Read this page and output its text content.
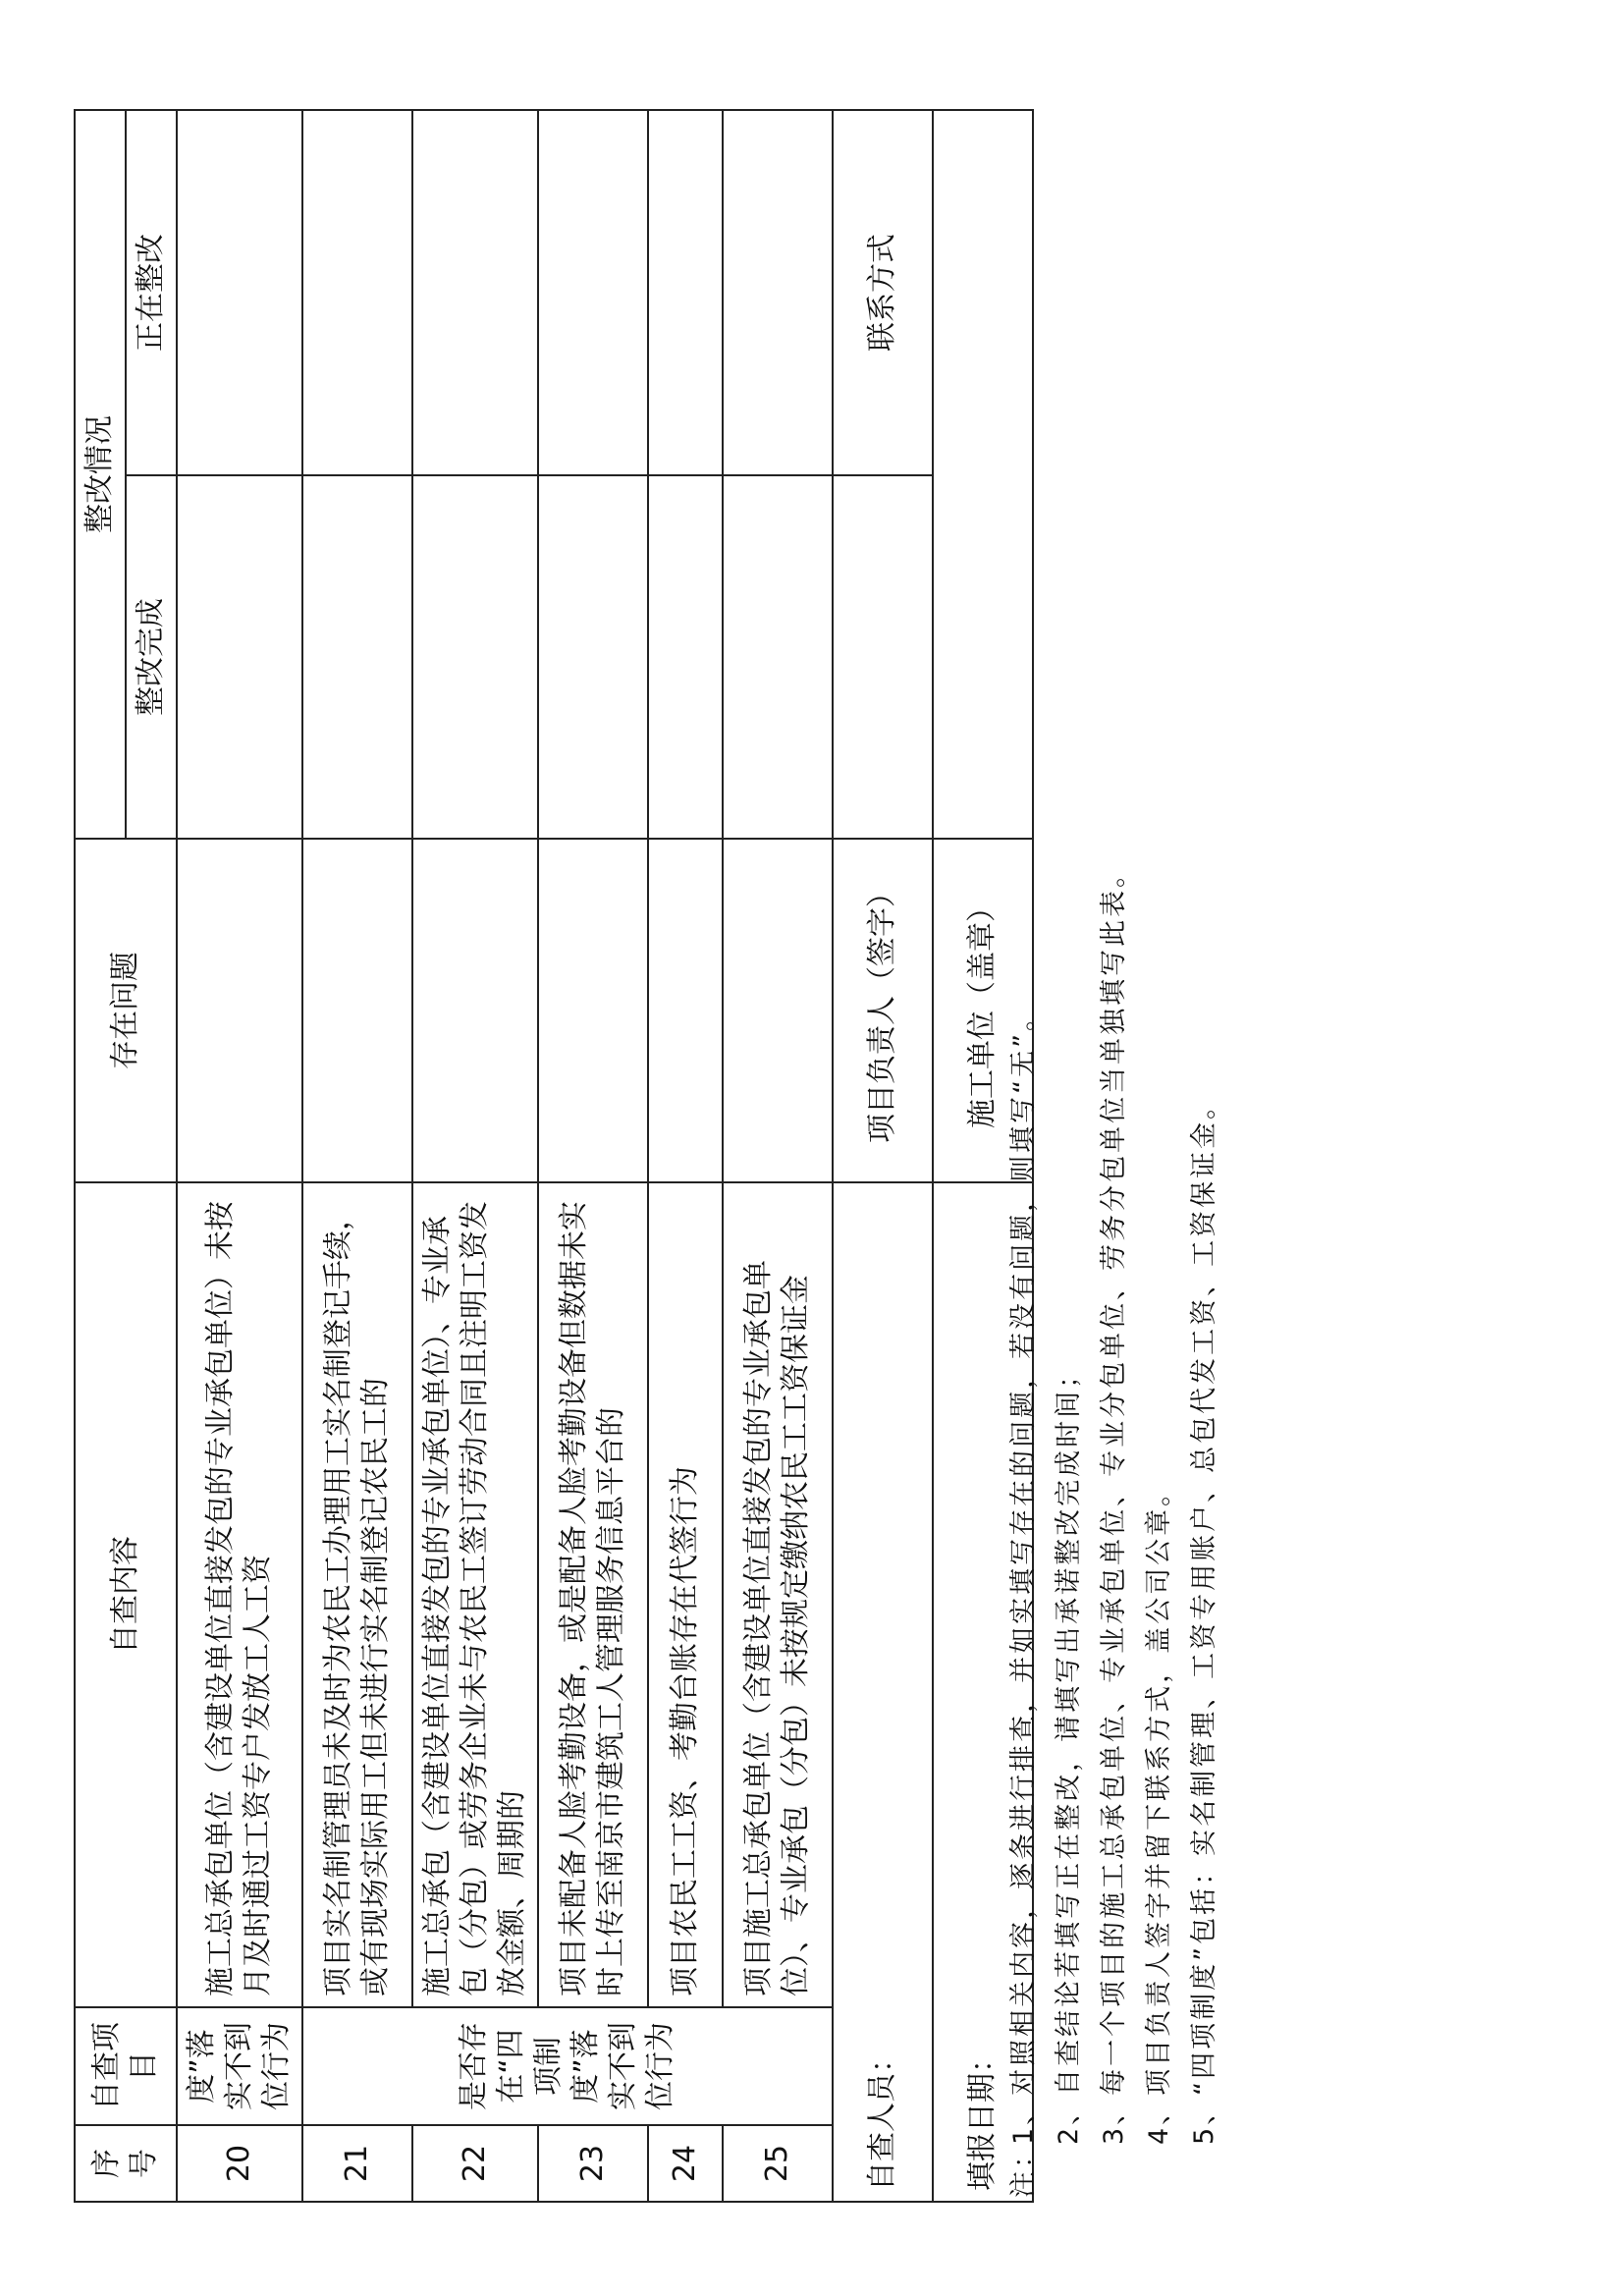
序号	自查项目	自查内容	存在问题	整改情况	
				整改完成	正在整改
20	度”落实不到位行为	施工总承包单位（含建设单位直接发包的专业承包单位）未按月及时通过工资专户发放工人工资			
21	是否存在“四项制度”落实不到位行为	项目实名制管理员未及时为农民工办理用工实名制登记手续，或有现场实际用工但未进行实名制登记农民工的			
22		施工总承包（含建设单位直接发包的专业承包单位）、专业承包（分包）或劳务企业未与农民工签订劳动合同且注明工资发放金额、周期的			
23		项目未配备人脸考勤设备，或是配备人脸考勤设备但数据未实时上传至南京市建筑工人管理服务信息平台的			
24		项目农民工工资、考勤台账存在代签行为			
25		项目施工总承包单位（含建设单位直接发包的专业承包单位）、专业承包（分包）未按规定缴纳农民工工资保证金			
自查人员：			项目负责人（签字）		联系方式
填报日期：			施工单位（盖章）		
注：1、对照相关内容，逐条进行排查，并如实填写存在的问题，若没有问题，则填写“无”。 2、自查结论若填写正在整改，请填写出承诺整改完成时间； 3、每一个项目的施工总承包单位、专业承包单位、专业分包单位、劳务分包单位当单独填写此表。 4、项目负责人签字并留下联系方式，盖公司公章。 5、“四项制度”包括：实名制管理、工资专用账户、总包代发工资、工资保证金。
